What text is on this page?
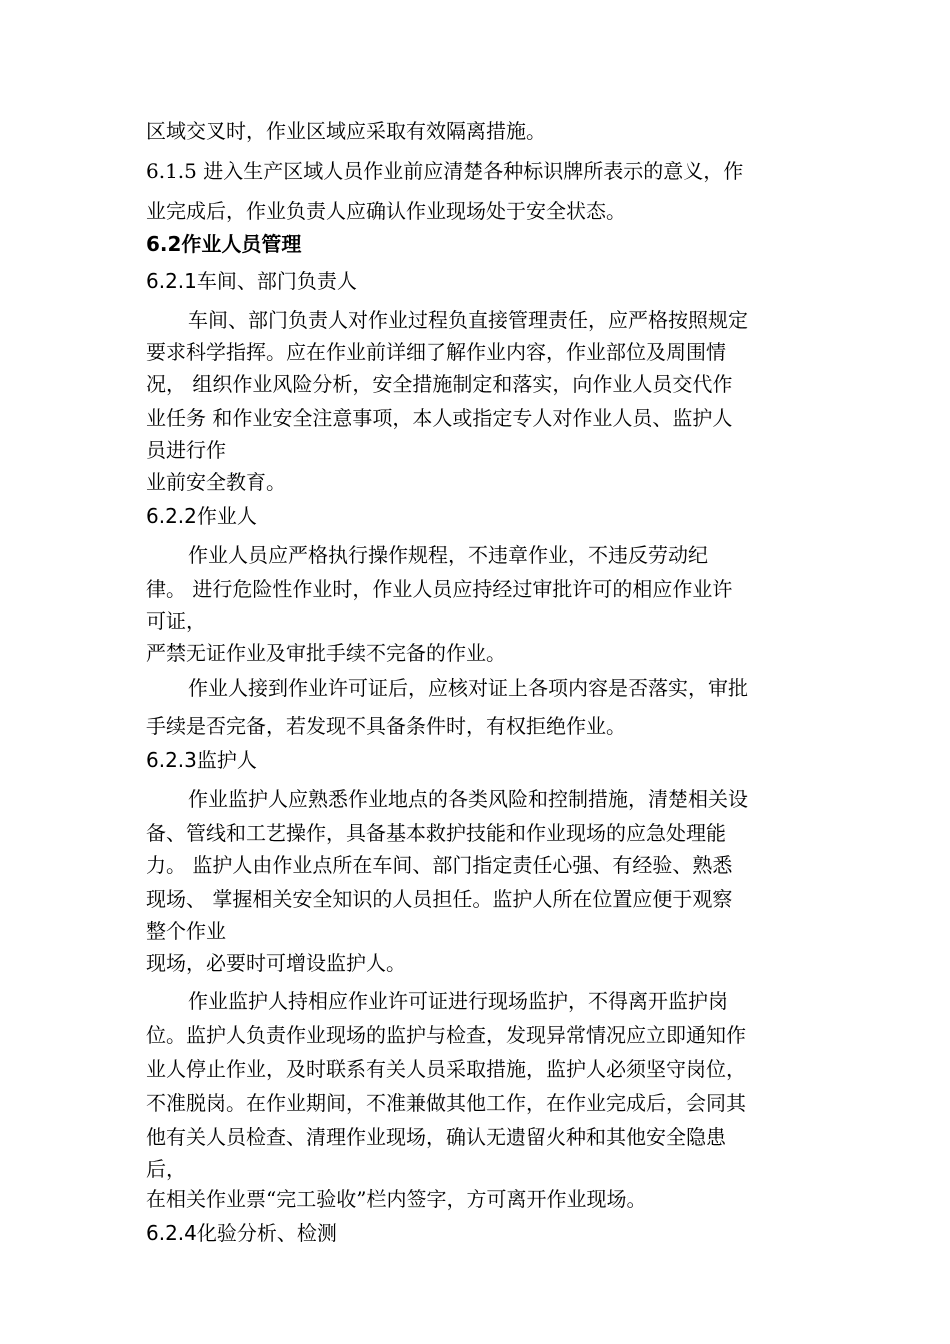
区域交叉时，作业区域应采取有效隔离措施。

6.1.5 进入生产区域人员作业前应清楚各种标识牌所表示的意义，作

业完成后，作业负责人应确认作业现场处于安全状态。

6.2作业人员管理

6.2.1车间、部门负责人

车间、部门负责人对作业过程负直接管理责任，应严格按照规定

要求科学指挥。应在作业前详细了解作业内容，作业部位及周围情

况， 组织作业风险分析，安全措施制定和落实，向作业人员交代作

业任务 和作业安全注意事项，本人或指定专人对作业人员、监护人

员进行作

业前安全教育。

6.2.2作业人

作业人员应严格执行操作规程，不违章作业，不违反劳动纪

律。 进行危险性作业时，作业人员应持经过审批许可的相应作业许

可证，

严禁无证作业及审批手续不完备的作业。

作业人接到作业许可证后，应核对证上各项内容是否落实，审批

手续是否完备，若发现不具备条件时，有权拒绝作业。

6.2.3监护人

作业监护人应熟悉作业地点的各类风险和控制措施，清楚相关设

备、管线和工艺操作，具备基本救护技能和作业现场的应急处理能

力。 监护人由作业点所在车间、部门指定责任心强、有经验、熟悉

现场、 掌握相关安全知识的人员担任。监护人所在位置应便于观察

整个作业

现场，必要时可增设监护人。

作业监护人持相应作业许可证进行现场监护，不得离开监护岗

位。监护人负责作业现场的监护与检查，发现异常情况应立即通知作

业人停止作业，及时联系有关人员采取措施，监护人必须坚守岗位，

不准脱岗。在作业期间，不准兼做其他工作，在作业完成后，会同其

他有关人员检查、清理作业现场，确认无遗留火种和其他安全隐患

后，

在相关作业票“完工验收”栏内签字，方可离开作业现场。

6.2.4化验分析、检测
